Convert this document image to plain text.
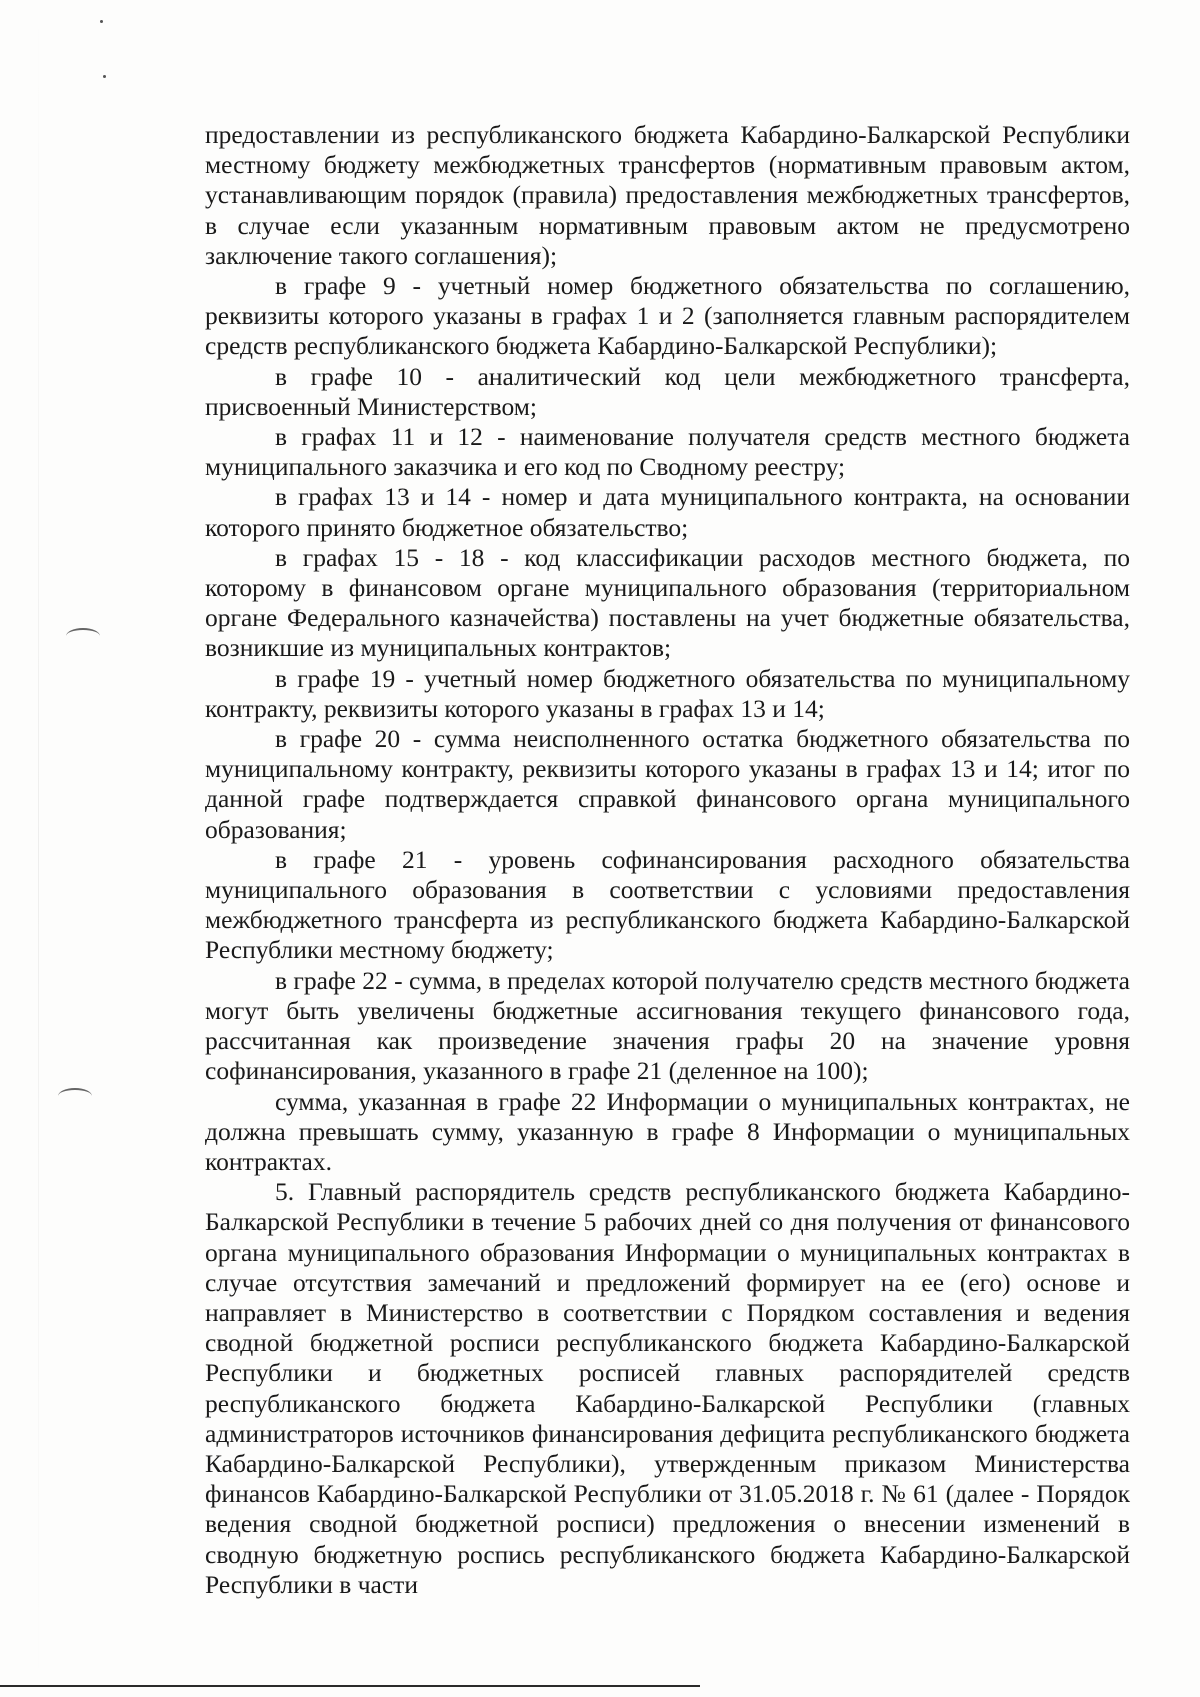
предоставлении из республиканского бюджета Кабардино-Балкарской Республики местному бюджету межбюджетных трансфертов (нормативным правовым актом, устанавливающим порядок (правила) предоставления межбюджетных трансфертов, в случае если указанным нормативным правовым актом не предусмотрено заключение такого соглашения);

в графе 9 - учетный номер бюджетного обязательства по соглашению, реквизиты которого указаны в графах 1 и 2 (заполняется главным распорядителем средств республиканского бюджета Кабардино-Балкарской Республики);

в графе 10 - аналитический код цели межбюджетного трансферта, присвоенный Министерством;

в графах 11 и 12 - наименование получателя средств местного бюджета муниципального заказчика и его код по Сводному реестру;

в графах 13 и 14 - номер и дата муниципального контракта, на основании которого принято бюджетное обязательство;

в графах 15 - 18 - код классификации расходов местного бюджета, по которому в финансовом органе муниципального образования (территориальном органе Федерального казначейства) поставлены на учет бюджетные обязательства, возникшие из муниципальных контрактов;

в графе 19 - учетный номер бюджетного обязательства по муниципальному контракту, реквизиты которого указаны в графах 13 и 14;

в графе 20 - сумма неисполненного остатка бюджетного обязательства по муниципальному контракту, реквизиты которого указаны в графах 13 и 14; итог по данной графе подтверждается справкой финансового органа муниципального образования;

в графе 21 - уровень софинансирования расходного обязательства муниципального образования в соответствии с условиями предоставления межбюджетного трансферта из республиканского бюджета Кабардино-Балкарской Республики местному бюджету;

в графе 22 - сумма, в пределах которой получателю средств местного бюджета могут быть увеличены бюджетные ассигнования текущего финансового года, рассчитанная как произведение значения графы 20 на значение уровня софинансирования, указанного в графе 21 (деленное на 100);

сумма, указанная в графе 22 Информации о муниципальных контрактах, не должна превышать сумму, указанную в графе 8 Информации о муниципальных контрактах.

5. Главный распорядитель средств республиканского бюджета Кабардино-Балкарской Республики в течение 5 рабочих дней со дня получения от финансового органа муниципального образования Информации о муниципальных контрактах в случае отсутствия замечаний и предложений формирует на ее (его) основе и направляет в Министерство в соответствии с Порядком составления и ведения сводной бюджетной росписи республиканского бюджета Кабардино-Балкарской Республики и бюджетных росписей главных распорядителей средств республиканского бюджета Кабардино-Балкарской Республики (главных администраторов источников финансирования дефицита республиканского бюджета Кабардино-Балкарской Республики), утвержденным приказом Министерства финансов Кабардино-Балкарской Республики от 31.05.2018 г. № 61 (далее - Порядок ведения сводной бюджетной росписи) предложения о внесении изменений в сводную бюджетную роспись республиканского бюджета Кабардино-Балкарской Республики в части
